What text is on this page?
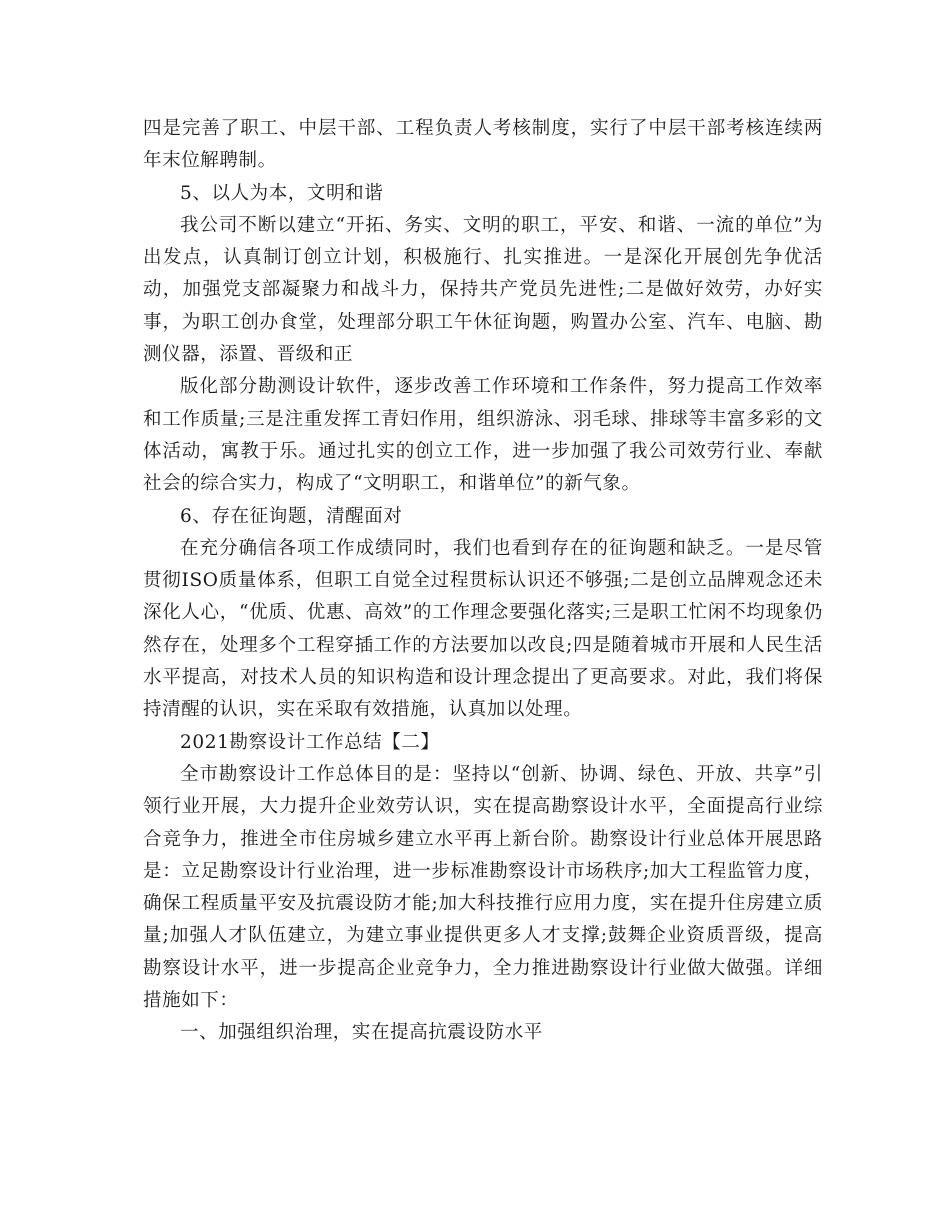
四是完善了职工、中层干部、工程负责人考核制度，实行了中层干部考核连续两年末位解聘制。

5、以人为本，文明和谐

我公司不断以建立“开拓、务实、文明的职工，平安、和谐、一流的单位”为出发点，认真制订创立计划，积极施行、扎实推进。一是深化开展创先争优活动，加强党支部凝聚力和战斗力，保持共产党员先进性;二是做好效劳，办好实事，为职工创办食堂，处理部分职工午休征询题，购置办公室、汽车、电脑、勘测仪器，添置、晋级和正

版化部分勘测设计软件，逐步改善工作环境和工作条件，努力提高工作效率和工作质量;三是注重发挥工青妇作用，组织游泳、羽毛球、排球等丰富多彩的文体活动，寓教于乐。通过扎实的创立工作，进一步加强了我公司效劳行业、奉献社会的综合实力，构成了“文明职工，和谐单位”的新气象。

6、存在征询题，清醒面对

在充分确信各项工作成绩同时，我们也看到存在的征询题和缺乏。一是尽管贯彻ISO质量体系，但职工自觉全过程贯标认识还不够强;二是创立品牌观念还未深化人心，“优质、优惠、高效”的工作理念要强化落实;三是职工忙闲不均现象仍然存在，处理多个工程穿插工作的方法要加以改良;四是随着城市开展和人民生活水平提高，对技术人员的知识构造和设计理念提出了更高要求。对此，我们将保持清醒的认识，实在采取有效措施，认真加以处理。

2021勘察设计工作总结【二】

全市勘察设计工作总体目的是：坚持以“创新、协调、绿色、开放、共享”引领行业开展，大力提升企业效劳认识，实在提高勘察设计水平，全面提高行业综合竞争力，推进全市住房城乡建立水平再上新台阶。勘察设计行业总体开展思路是：立足勘察设计行业治理，进一步标准勘察设计市场秩序;加大工程监管力度，确保工程质量平安及抗震设防才能;加大科技推行应用力度，实在提升住房建立质量;加强人才队伍建立，为建立事业提供更多人才支撑;鼓舞企业资质晋级，提高勘察设计水平，进一步提高企业竞争力，全力推进勘察设计行业做大做强。详细措施如下：

一、加强组织治理，实在提高抗震设防水平
